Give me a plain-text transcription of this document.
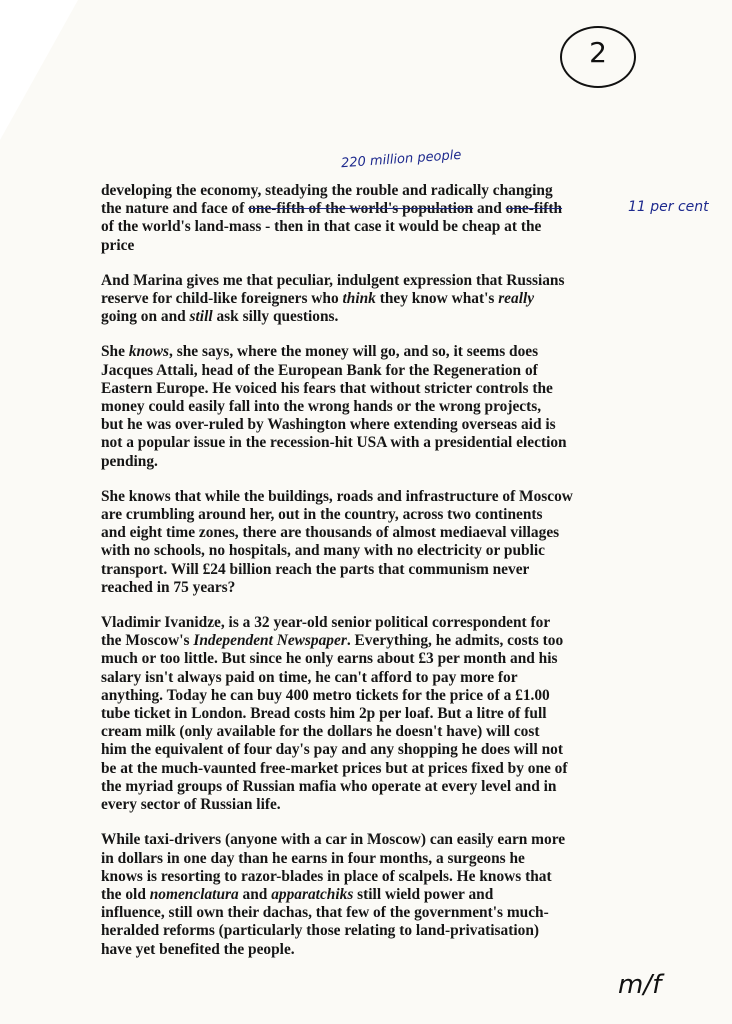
2
220 million people
11 per cent
developing the economy, steadying the rouble and radically changing
the nature and face of one-fifth of the world's population and one-fifth
of the world's land-mass - then in that case it would be cheap at the
price
And Marina gives me that peculiar, indulgent expression that Russians
reserve for child-like foreigners who think they know what's really
going on and still ask silly questions.
She knows, she says, where the money will go, and so, it seems does
Jacques Attali, head of the European Bank for the Regeneration of
Eastern Europe. He voiced his fears that without stricter controls the
money could easily fall into the wrong hands or the wrong projects,
but he was over-ruled by Washington where extending overseas aid is
not a popular issue in the recession-hit USA with a presidential election
pending.
She knows that while the buildings, roads and infrastructure of Moscow
are crumbling around her, out in the country, across two continents
and eight time zones, there are thousands of almost mediaeval villages
with no schools, no hospitals, and many with no electricity or public
transport. Will £24 billion reach the parts that communism never
reached in 75 years?
Vladimir Ivanidze, is a 32 year-old senior political correspondent for
the Moscow's Independent Newspaper. Everything, he admits, costs too
much or too little. But since he only earns about £3 per month and his
salary isn't always paid on time, he can't afford to pay more for
anything. Today he can buy 400 metro tickets for the price of a £1.00
tube ticket in London. Bread costs him 2p per loaf. But a litre of full
cream milk (only available for the dollars he doesn't have) will cost
him the equivalent of four day's pay and any shopping he does will not
be at the much-vaunted free-market prices but at prices fixed by one of
the myriad groups of Russian mafia who operate at every level and in
every sector of Russian life.
While taxi-drivers (anyone with a car in Moscow) can easily earn more
in dollars in one day than he earns in four months, a surgeons he
knows is resorting to razor-blades in place of scalpels. He knows that
the old nomenclatura and apparatchiks still wield power and
influence, still own their dachas, that few of the government's much-
heralded reforms (particularly those relating to land-privatisation)
have yet benefited the people.
m/f
